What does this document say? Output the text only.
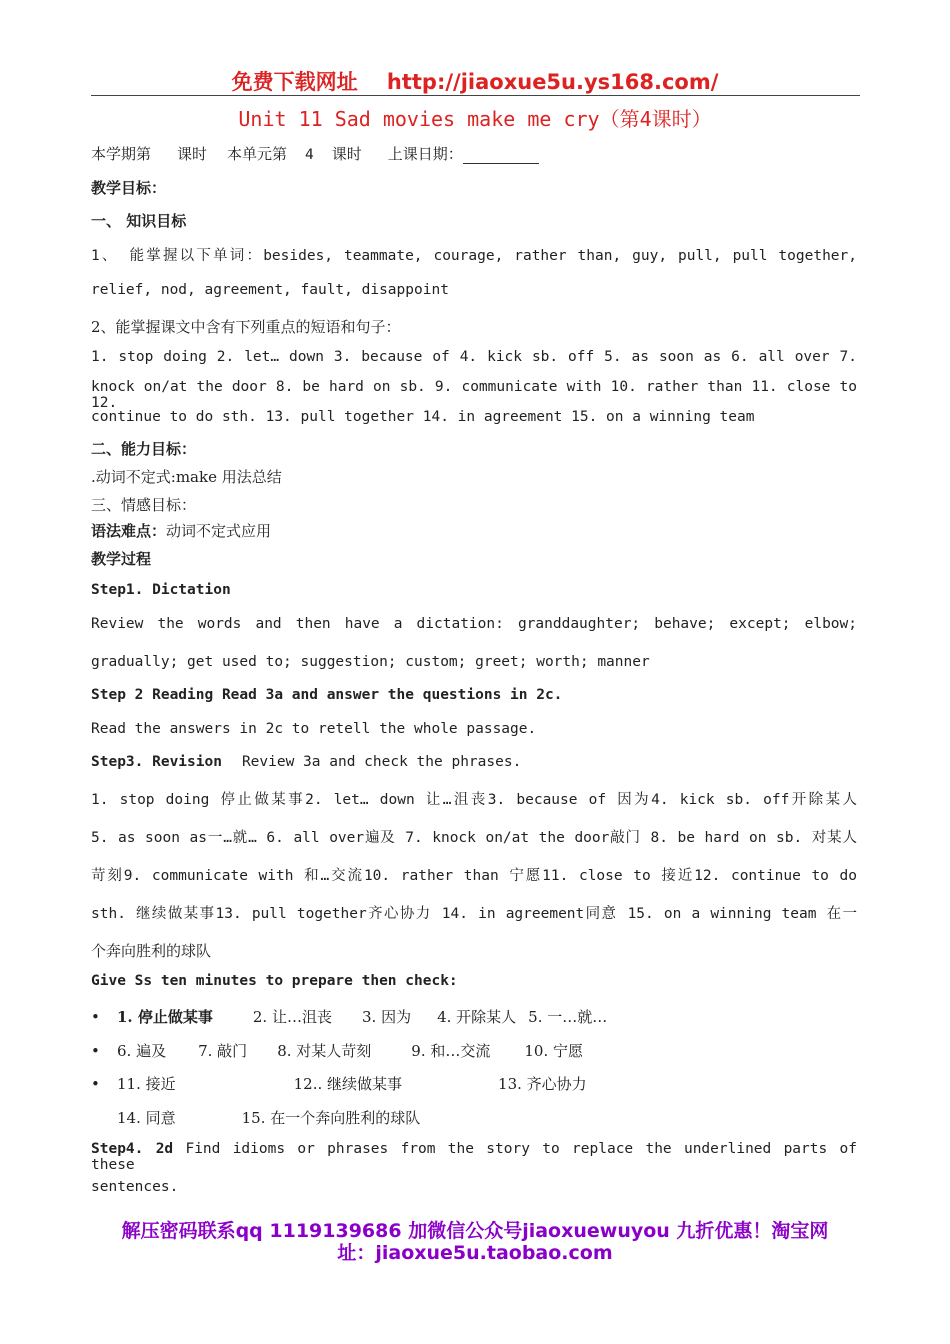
免费下载网址 http://jiaoxue5u.ys168.com/
Unit 11 Sad movies make me cry（第4课时）
本学期第 课时 本单元第 4 课时 上课日期：
教学目标：
一、 知识目标
1、 能掌握以下单词：besides, teammate, courage, rather than, guy, pull, pull together,
relief, nod, agreement, fault, disappoint
2、能掌握课文中含有下列重点的短语和句子：
1. stop doing 2. let… down 3. because of 4. kick sb. off 5. as soon as 6. all over 7.
knock on/at the door 8. be hard on sb. 9. communicate with 10. rather than 11. close to 12.
continue to do sth. 13. pull together 14. in agreement 15. on a winning team
二、能力目标：
.动词不定式:make 用法总结
三、情感目标：
语法难点：动词不定式应用
教学过程
Step1. Dictation
Review the words and then have a dictation: granddaughter; behave; except; elbow;
gradually; get used to; suggestion; custom; greet; worth; manner
Step 2 Reading Read 3a and answer the questions in 2c.
Read the answers in 2c to retell the whole passage.
Step3. Revision Review 3a and check the phrases.
1. stop doing 停止做某事2. let… down 让…沮丧3. because of 因为4. kick sb. off开除某人
5. as soon as一…就… 6. all over遍及 7. knock on/at the door敲门 8. be hard on sb. 对某人
苛刻9. communicate with 和…交流10. rather than 宁愿11. close to 接近12. continue to do
sth. 继续做某事13. pull together齐心协力 14. in agreement同意 15. on a winning team 在一
个奔向胜利的球队
Give Ss ten minutes to prepare then check:
• 1. 停止做某事	2. 让…沮丧 3. 因为 4. 开除某人 5. 一…就…
• 6. 遍及 7. 敲门 8. 对某人苛刻	9. 和…交流 10. 宁愿
• 11. 接近	12.. 继续做某事	13. 齐心协力
14. 同意	15. 在一个奔向胜利的球队
Step4. 2d Find idioms or phrases from the story to replace the underlined parts of these
sentences.
解压密码联系qq 1119139686 加微信公众号jiaoxuewuyou 九折优惠！淘宝网
址：jiaoxue5u.taobao.com
